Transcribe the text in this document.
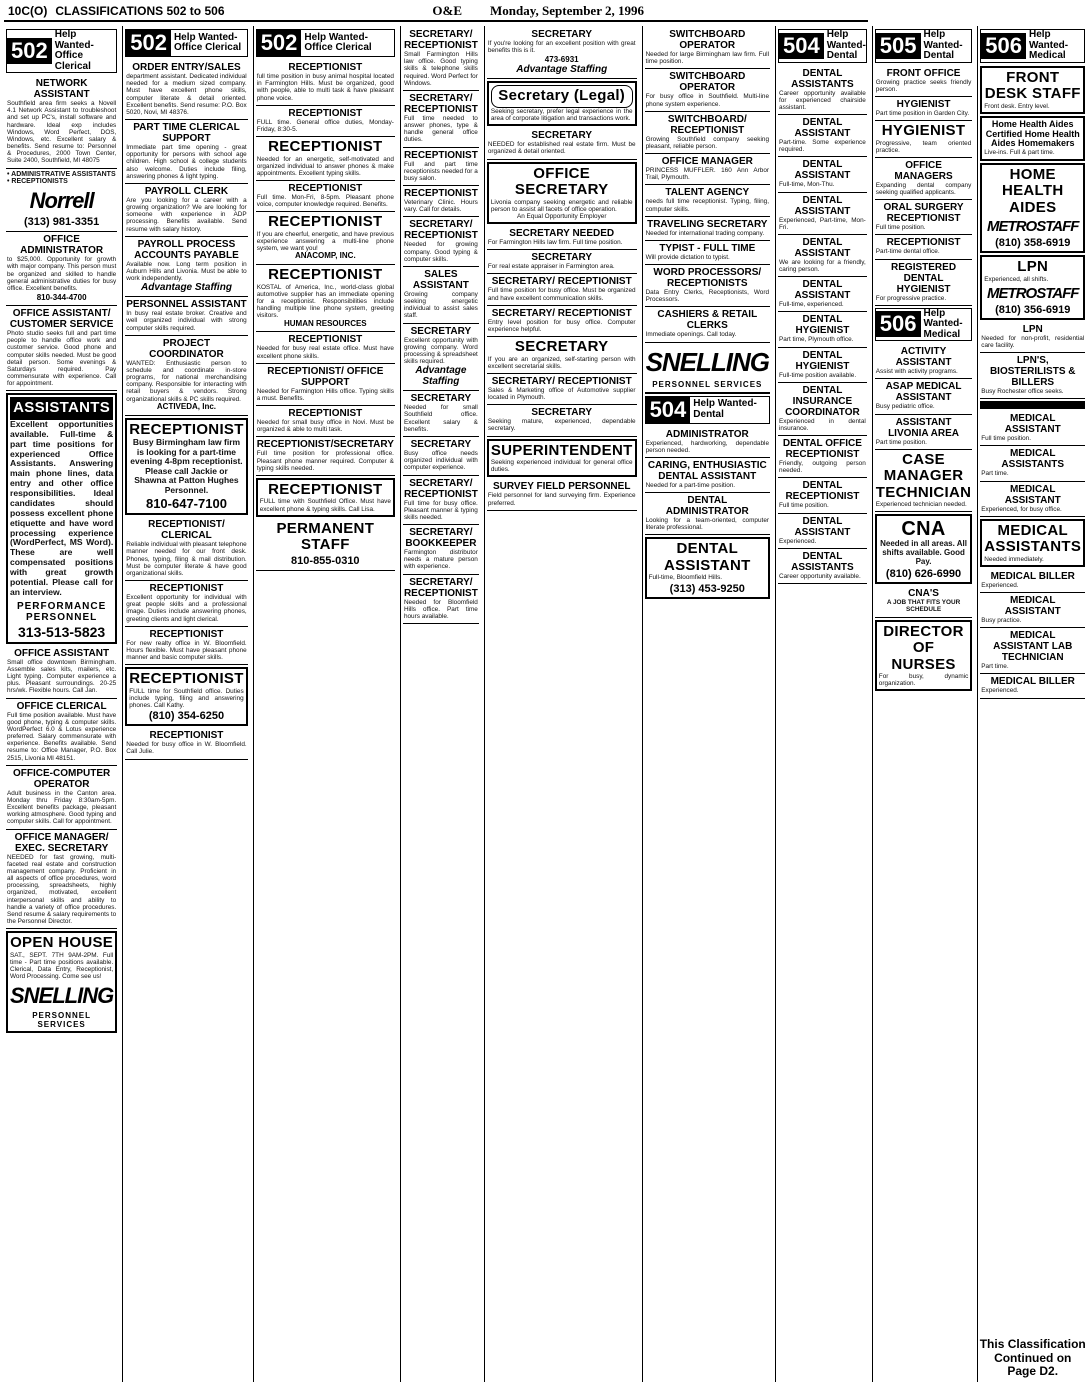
10C(O) CLASSIFICATIONS 502 to 506	O&E Monday, September 2, 1996
502
Help Wanted-
Office Clerical
NETWORK ASSISTANT
Southfield area firm seeks a Novell 4.1 Network Assistant to troubleshoot and set up PC's, install software and hardware. Ideal exp includes Windows, Word Perfect, DOS, Windows, etc. Excellent salary & benefits. Send resume to: Personnel & Procedures, 2000 Town Center, Suite 2400, Southfield, MI 48075
• ADMINISTRATIVE ASSISTANTS • RECEPTIONISTS
Norrell
(313) 981-3351
OFFICE ADMINISTRATOR
to $25,000. Opportunity for growth with major company. This person must be organized and skilled to handle general administrative duties for busy office. Excellent benefits.
810-344-4700
OFFICE ASSISTANT/ CUSTOMER SERVICE
Photo studio seeks full and part time people to handle office work and customer service. Good phone and computer skills needed. Must be good detail person. Some evenings & Saturdays required. Pay commensurate with experience. Call for appointment.
ASSISTANTS
Excellent opportunities available. Full-time & part time positions for experienced Office Assistants. Answering main phone lines, data entry and other office responsibilities. Ideal candidates should possess excellent phone etiquette and have word processing experience (WordPerfect, MS Word). These are well compensated positions with great growth potential. Please call for an interview.
PERFORMANCE PERSONNEL
313-513-5823
OFFICE ASSISTANT
Small office downtown Birmingham. Assemble sales kits, mailers, etc. Light typing. Computer experience a plus. Pleasant surroundings. 20-25 hrs/wk. Flexible hours. Call Jan.
OFFICE CLERICAL
Full time position available. Must have good phone, typing & computer skills. WordPerfect 6.0 & Lotus experience preferred. Salary commensurate with experience. Benefits available. Send resume to: Office Manager, P.O. Box 2515, Livonia MI 48151.
OFFICE-COMPUTER OPERATOR
Adult business in the Canton area. Monday thru Friday 8:30am-5pm. Excellent benefits package, pleasant working atmosphere. Good typing and computer skills. Call for appointment.
OFFICE MANAGER/ EXEC. SECRETARY
NEEDED for fast growing, multi-faceted real estate and construction management company. Proficient in all aspects of office procedures, word processing, spreadsheets, highly organized, motivated, excellent interpersonal skills and ability to handle a variety of office procedures. Send resume & salary requirements to the Personnel Director.
OPEN HOUSE
SAT., SEPT. 7TH 9AM-2PM. Full time - Part time positions available. Clerical, Data Entry, Receptionist, Word Processing. Come see us!
SNELLING
PERSONNEL SERVICES
502 Help Wanted-
Office Clerical
ORDER ENTRY/SALES
department assistant. Dedicated individual needed for a medium sized company. Must have excellent phone skills, computer literate & detail oriented. Excellent benefits. Send resume: P.O. Box 5020, Novi, MI 48376.
PART TIME CLERICAL SUPPORT
Immediate part time opening - great opportunity for persons with school age children. High school & college students also welcome. Duties include filing, answering phones & light typing.
PAYROLL CLERK
Are you looking for a career with a growing organization? We are looking for someone with experience in ADP processing. Benefits available. Send resume with salary history.
PAYROLL PROCESS ACCOUNTS PAYABLE
Available now. Long term position in Auburn Hills and Livonia. Must be able to work independently.
Advantage Staffing
PERSONNEL ASSISTANT
In busy real estate broker. Creative and well organized individual with strong computer skills required.
PROJECT COORDINATOR
WANTED: Enthusiastic person to schedule and coordinate in-store programs, for national merchandising company. Responsible for interacting with retail buyers & vendors. Strong organizational skills & PC skills required.
ACTIVEDA, Inc.
RECEPTIONIST
Busy Birmingham law firm is looking for a part-time evening 4-8pm receptionist. Please call Jackie or Shawna at Patton Hughes Personnel.
810-647-7100
RECEPTIONIST/ CLERICAL
Reliable individual with pleasant telephone manner needed for our front desk. Phones, typing, filing & mail distribution. Must be computer literate & have good organizational skills.
RECEPTIONIST
Excellent opportunity for individual with great people skills and a professional image. Duties include answering phones, greeting clients and light clerical.
RECEPTIONIST
For new realty office in W. Bloomfield. Hours flexible. Must have pleasant phone manner and basic computer skills.
RECEPTIONIST
FULL time for Southfield office. Duties include typing, filing and answering phones. Call Kathy.
(810) 354-6250
RECEPTIONIST
Needed for busy office in W. Bloomfield. Call Julie.
502 Help Wanted-
Office Clerical
RECEPTIONIST
full time position in busy animal hospital located in Farmington Hills. Must be organized, good with people, able to multi task & have pleasant phone voice.
RECEPTIONIST
FULL time. General office duties, Monday-Friday, 8:30-5.
RECEPTIONIST
Needed for an energetic, self-motivated and organized individual to answer phones & make appointments. Excellent typing skills.
RECEPTIONIST
Full time. Mon-Fri, 8-5pm. Pleasant phone voice, computer knowledge required. Benefits.
RECEPTIONIST
If you are cheerful, energetic, and have previous experience answering a multi-line phone system, we want you!
ANACOMP, INC.
RECEPTIONIST
KOSTAL of America, Inc., world-class global automotive supplier has an immediate opening for a receptionist. Responsibilities include handling multiple line phone system, greeting visitors.
HUMAN RESOURCES
RECEPTIONIST
Needed for busy real estate office. Must have excellent phone skills.
RECEPTIONIST/ OFFICE SUPPORT
Needed for Farmington Hills office. Typing skills a must. Benefits.
RECEPTIONIST
Needed for small busy office in Novi. Must be organized & able to multi task.
RECEPTIONIST/SECRETARY
Full time position for professional office. Pleasant phone manner required. Computer & typing skills needed.
RECEPTIONIST
FULL time with Southfield Office. Must have excellent phone & typing skills. Call Lisa.
PERMANENT STAFF
810-855-0310
SECRETARY/ RECEPTIONIST
Small Farmington Hills law office. Good typing skills & telephone skills required. Word Perfect for Windows.
SECRETARY/ RECEPTIONIST
Full time needed to answer phones, type & handle general office duties.
RECEPTIONIST
Full and part time receptionists needed for a busy salon.
RECEPTIONIST
Veterinary Clinic. Hours vary. Call for details.
SECRETARY/ RECEPTIONIST
Needed for growing company. Good typing & computer skills.
SALES ASSISTANT
Growing company seeking energetic individual to assist sales staff.
SECRETARY
Excellent opportunity with growing company. Word processing & spreadsheet skills required.
Advantage Staffing
SECRETARY
Needed for small Southfield office. Excellent salary & benefits.
SECRETARY
Busy office needs organized individual with computer experience.
SECRETARY/ RECEPTIONIST
Full time for busy office. Pleasant manner & typing skills needed.
SECRETARY/ BOOKKEEPER
Farmington distributor needs a mature person with experience.
SECRETARY/ RECEPTIONIST
Needed for Bloomfield Hills office. Part time hours available.
SECRETARY
If you're looking for an excellent position with great benefits this is it.
473-6931
Advantage Staffing
Secretary (Legal)
Seeking secretary, prefer legal experience in the area of corporate litigation and transactions work.
SECRETARY
NEEDED for established real estate firm. Must be organized & detail oriented.
OFFICE SECRETARY
Livonia company seeking energetic and reliable person to assist all facets of office operation.
An Equal Opportunity Employer
SECRETARY NEEDED
For Farmington Hills law firm. Full time position.
SECRETARY
For real estate appraiser in Farmington area.
SECRETARY/ RECEPTIONIST
Full time position for busy office. Must be organized and have excellent communication skills.
SECRETARY/ RECEPTIONIST
Entry level position for busy office. Computer experience helpful.
SECRETARY
If you are an organized, self-starting person with excellent secretarial skills.
SECRETARY/ RECEPTIONIST
Sales & Marketing office of Automotive supplier located in Plymouth.
SECRETARY
Seeking mature, experienced, dependable secretary.
SUPERINTENDENT
Seeking experienced individual for general office duties.
SURVEY FIELD PERSONNEL
Field personnel for land surveying firm. Experience preferred.
SWITCHBOARD OPERATOR
Needed for large Birmingham law firm. Full time position.
SWITCHBOARD OPERATOR
For busy office in Southfield. Multi-line phone system experience.
SWITCHBOARD/ RECEPTIONIST
Growing Southfield company seeking pleasant, reliable person.
OFFICE MANAGER
PRINCESS MUFFLER. 160 Ann Arbor Trail, Plymouth.
TALENT AGENCY
needs full time receptionist. Typing, filing, computer skills.
TRAVELING SECRETARY
Needed for international trading company.
TYPIST - FULL TIME
Will provide dictation to typist.
WORD PROCESSORS/ RECEPTIONISTS
Data Entry Clerks, Receptionists, Word Processors.
CASHIERS & RETAIL CLERKS
Immediate openings. Call today.
SNELLING
PERSONNEL SERVICES
504 Help Wanted-
Dental
ADMINISTRATOR
Experienced, hardworking, dependable person needed.
CARING, ENTHUSIASTIC DENTAL ASSISTANT
Needed for a part-time position.
DENTAL ADMINISTRATOR
Looking for a team-oriented, computer literate professional.
DENTAL ASSISTANT
Full-time, Bloomfield Hills.
(313) 453-9250
504 Help Wanted-
Dental
DENTAL ASSISTANTS
Career opportunity available for experienced chairside assistant.
DENTAL ASSISTANT
Part-time. Some experience required.
DENTAL ASSISTANT
Full-time, Mon-Thu.
DENTAL ASSISTANT
Experienced, Part-time, Mon-Fri.
DENTAL ASSISTANT
We are looking for a friendly, caring person.
DENTAL ASSISTANT
Full-time, experienced.
DENTAL HYGIENIST
Part time, Plymouth office.
DENTAL HYGIENIST
Full-time position available.
DENTAL INSURANCE COORDINATOR
Experienced in dental insurance.
DENTAL OFFICE RECEPTIONIST
Friendly, outgoing person needed.
DENTAL RECEPTIONIST
Full time position.
DENTAL ASSISTANT
Experienced.
DENTAL ASSISTANTS
Career opportunity available.
505 Help Wanted-
Dental
FRONT OFFICE
Growing practice seeks friendly person.
HYGIENIST
Part time position in Garden City.
HYGIENIST
Progressive, team oriented practice.
OFFICE MANAGERS
Expanding dental company seeking qualified applicants.
ORAL SURGERY RECEPTIONIST
Full time position.
RECEPTIONIST
Part-time dental office.
REGISTERED DENTAL HYGIENIST
For progressive practice.
506 Help Wanted-
Medical
ACTIVITY ASSISTANT
Assist with activity programs.
ASAP MEDICAL ASSISTANT
Busy pediatric office.
ASSISTANT LIVONIA AREA
Part time position.
CASE MANAGER TECHNICIAN
Experienced technician needed.
CNA
Needed in all areas. All shifts available. Good Pay.
(810) 626-6990
CNA'S
A JOB THAT FITS YOUR SCHEDULE
DIRECTOR OF NURSES
For busy, dynamic organization.
506 Help Wanted-
Medical
FRONT DESK STAFF
Front desk. Entry level.
Home Health Aides Certified Home Health Aides Homemakers
Live-ins. Full & part time.
HOME HEALTH AIDES
METROSTAFF
(810) 358-6919
LPN
Experienced, all shifts.
METROSTAFF
(810) 356-6919
LPN
Needed for non-profit, residential care facility.
LPN'S, BIOSTERILISTS & BILLERS
Busy Rochester office seeks.
MEDICAL ASSISTANT
Full time position.
MEDICAL ASSISTANTS
Part time.
MEDICAL ASSISTANT
Experienced, for busy office.
MEDICAL ASSISTANTS
Needed immediately.
MEDICAL BILLER
Experienced.
MEDICAL ASSISTANT
Busy practice.
MEDICAL ASSISTANT LAB TECHNICIAN
Part time.
MEDICAL BILLER
Experienced.
This Classification Continued on Page D2.
